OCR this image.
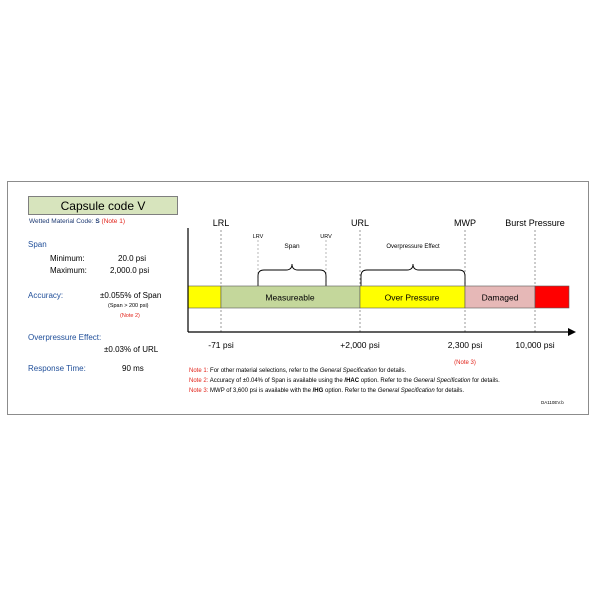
Capsule code V
Wetted Material Code: S (Note 1)
Span
Minimum:	20.0 psi
Maximum:	2,000.0 psi
Accuracy:	±0.055% of Span
(Span > 200 psi)
(Note 2)
Overpressure Effect:
±0.03% of URL
Response Time:	90 ms
LRL	URL	MWP	Burst Pressure
LRV	URV
Span	Overpressure Effect
Measureable	Over Pressure	Damaged
-71 psi	+2,000 psi	2,300 psi
(Note 3)
10,000 psi
Note 1: For other material selections, refer to the General Specification for details.
Note 2: Accuracy of ±0.04% of Span is available using the /HAC option. Refer to the General Specification for details.
Note 3: MWP of 3,600 psi is available with the /HG option. Refer to the General Specification for details.
DA110EV.b
